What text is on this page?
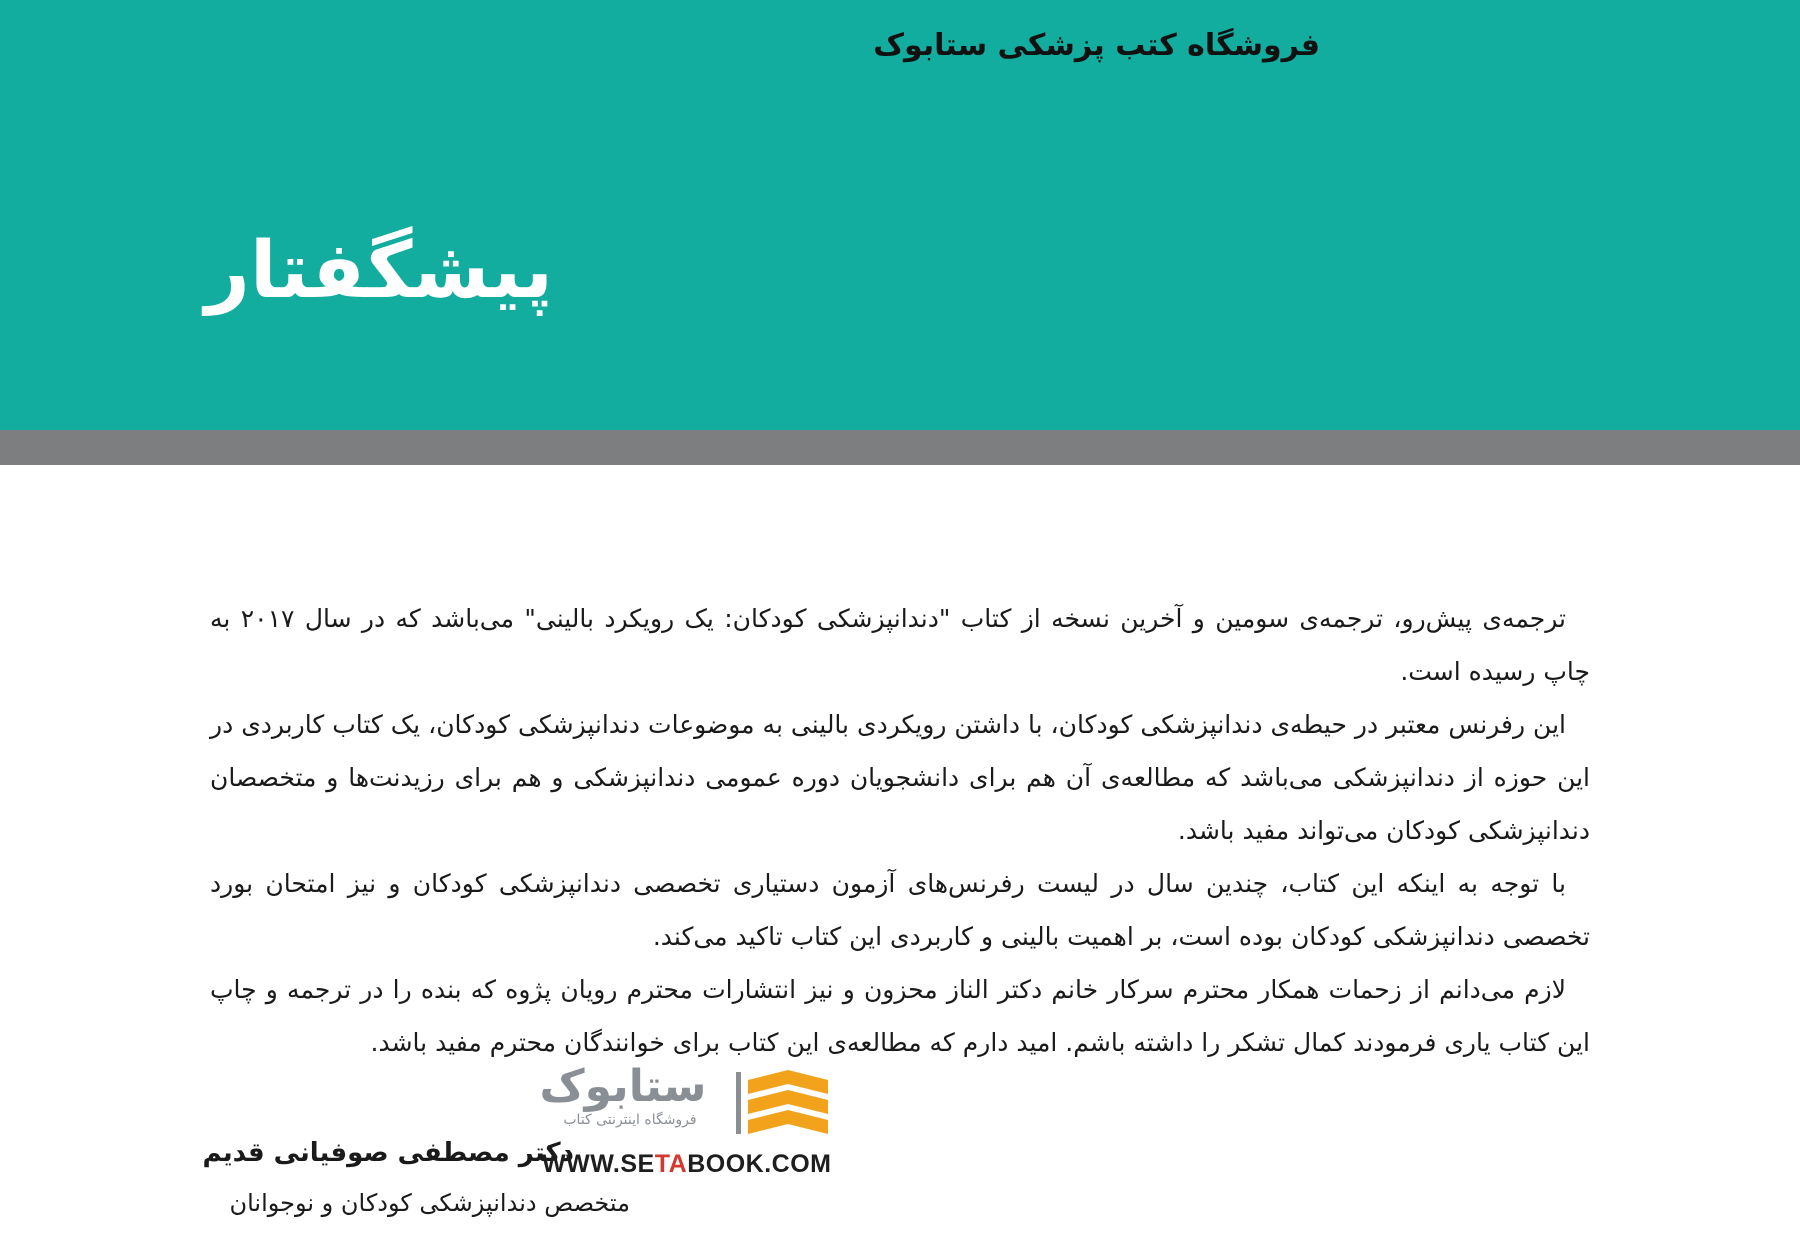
فروشگاه کتب پزشکی ستابوک
پیشگفتار

ترجمه‌ی پیش‌رو، ترجمه‌ی سومین و آخرین نسخه از کتاب "دندانپزشکی کودکان: یک رویکرد بالینی" می‌باشد که در سال ۲۰۱۷ به چاپ رسیده است.

این رفرنس معتبر در حیطه‌ی دندانپزشکی کودکان، با داشتن رویکردی بالینی به موضوعات دندانپزشکی کودکان، یک کتاب کاربردی در این حوزه از دندانپزشکی می‌باشد که مطالعه‌ی آن هم برای دانشجویان دوره عمومی دندانپزشکی و هم برای رزیدنت‌ها و متخصصان دندانپزشکی کودکان می‌تواند مفید باشد.

با توجه به اینکه این کتاب، چندین سال در لیست رفرنس‌های آزمون دستیاری تخصصی دندانپزشکی کودکان و نیز امتحان بورد تخصصی دندانپزشکی کودکان بوده است، بر اهمیت بالینی و کاربردی این کتاب تاکید می‌کند.

لازم می‌دانم از زحمات همکار محترم سرکار خانم دکتر الناز محزون و نیز انتشارات محترم رویان پژوه که بنده را در ترجمه و چاپ این کتاب یاری فرمودند کمال تشکر را داشته باشم. امید دارم که مطالعه‌ی این کتاب برای خوانندگان محترم مفید باشد.

دکتر مصطفی صوفیانی قدیم
متخصص دندانپزشکی کودکان و نوجوانان
ستابوک
فروشگاه اینترنتی کتاب
WWW.SETABOOK.COM
